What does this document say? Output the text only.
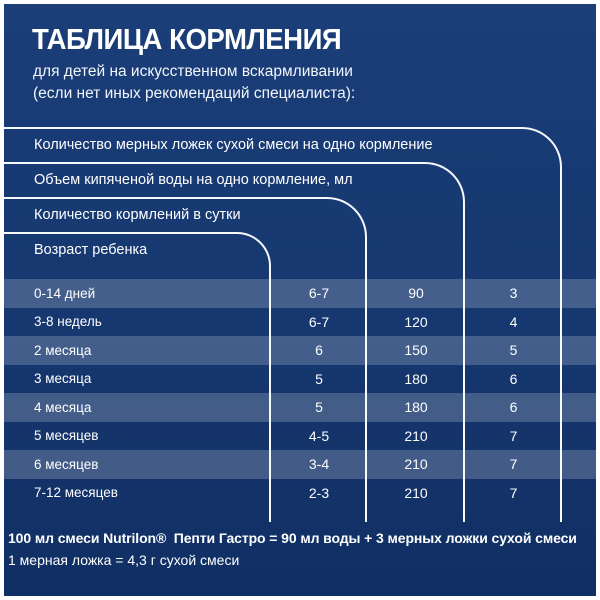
ТАБЛИЦА КОРМЛЕНИЯ
для детей на искусственном вскармливании
(если нет иных рекомендаций специалиста):
Количество мерных ложек сухой смеси на одно кормление
Объем кипяченой воды на одно кормление, мл
Количество кормлений в сутки
Возраст ребенка
0-14 дней	6-7	90	3
3-8 недель	6-7	120	4
2 месяца	6	150	5
3 месяца	5	180	6
4 месяца	5	180	6
5 месяцев	4-5	210	7
6 месяцев	3-4	210	7
7-12 месяцев	2-3	210	7
100 мл смеси Nutrilon®  Пепти Гастро = 90 мл воды + 3 мерных ложки сухой смеси
1 мерная ложка = 4,3 г сухой смеси
